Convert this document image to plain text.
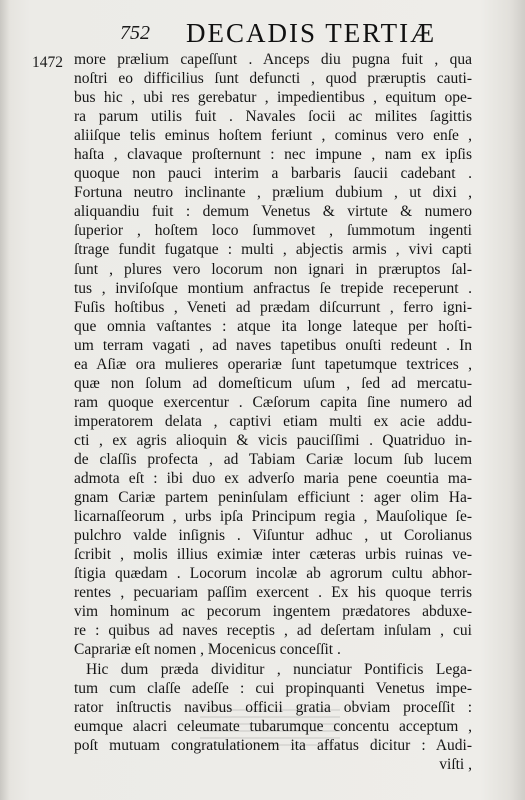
752 DECADIS TERTIÆ
1472 more prælium capeſſunt . Anceps diu pugna fuit , qua
noſtri eo difficilius ſunt defuncti , quod præruptis cauti-
bus hic , ubi res gerebatur , impedientibus , equitum ope-
ra parum utilis fuit . Navales ſocii ac milites ſagittis
aliiſque telis eminus hoſtem feriunt , cominus vero enſe ,
haſta , clavaque proſternunt : nec impune , nam ex ipſis
quoque non pauci interim a barbaris ſaucii cadebant .
Fortuna neutro inclinante , prælium dubium , ut dixi ,
aliquandiu fuit : demum Venetus & virtute & numero
ſuperior , hoſtem loco ſummovet , ſummotum ingenti
ſtrage fundit fugatque : multi , abjectis armis , vivi capti
ſunt , plures vero locorum non ignari in præruptos ſal-
tus , inviſoſque montium anfractus ſe trepide receperunt .
Fuſis hoſtibus , Veneti ad prædam diſcurrunt , ferro igni-
que omnia vaſtantes : atque ita longe lateque per hoſti-
um terram vagati , ad naves tapetibus onuſti redeunt . In
ea Aſiæ ora mulieres operariæ ſunt tapetumque textrices ,
quæ non ſolum ad domeſticum uſum , ſed ad mercatu-
ram quoque exercentur . Cæſorum capita ſine numero ad
imperatorem delata , captivi etiam multi ex acie addu-
cti , ex agris alioquin & vicis pauciſſimi . Quatriduo in-
de claſſis profecta , ad Tabiam Cariæ locum ſub lucem
admota eſt : ibi duo ex adverſo maria pene coeuntia ma-
gnam Cariæ partem peninſulam efficiunt : ager olim Ha-
licarnaſſeorum , urbs ipſa Principum regia , Mauſolique ſe-
pulchro valde inſignis . Viſuntur adhuc , ut Corolianus
ſcribit , molis illius eximiæ inter cæteras urbis ruinas ve-
ſtigia quædam . Locorum incolæ ab agrorum cultu abhor-
rentes , pecuariam paſſim exercent . Ex his quoque terris
vim hominum ac pecorum ingentem prædatores abduxe-
re : quibus ad naves receptis , ad deſertam inſulam , cui
Caprariæ eſt nomen , Mocenicus conceſſit .
Hic dum præda dividitur , nunciatur Pontificis Lega-
tum cum claſſe adeſſe : cui propinquanti Venetus impe-
rator inſtructis navibus officii gratia obviam proceſſit :
eumque alacri celeumate tubarumque concentu acceptum ,
poſt mutuam congratulationem ita affatus dicitur : Audi-
viſti ,
